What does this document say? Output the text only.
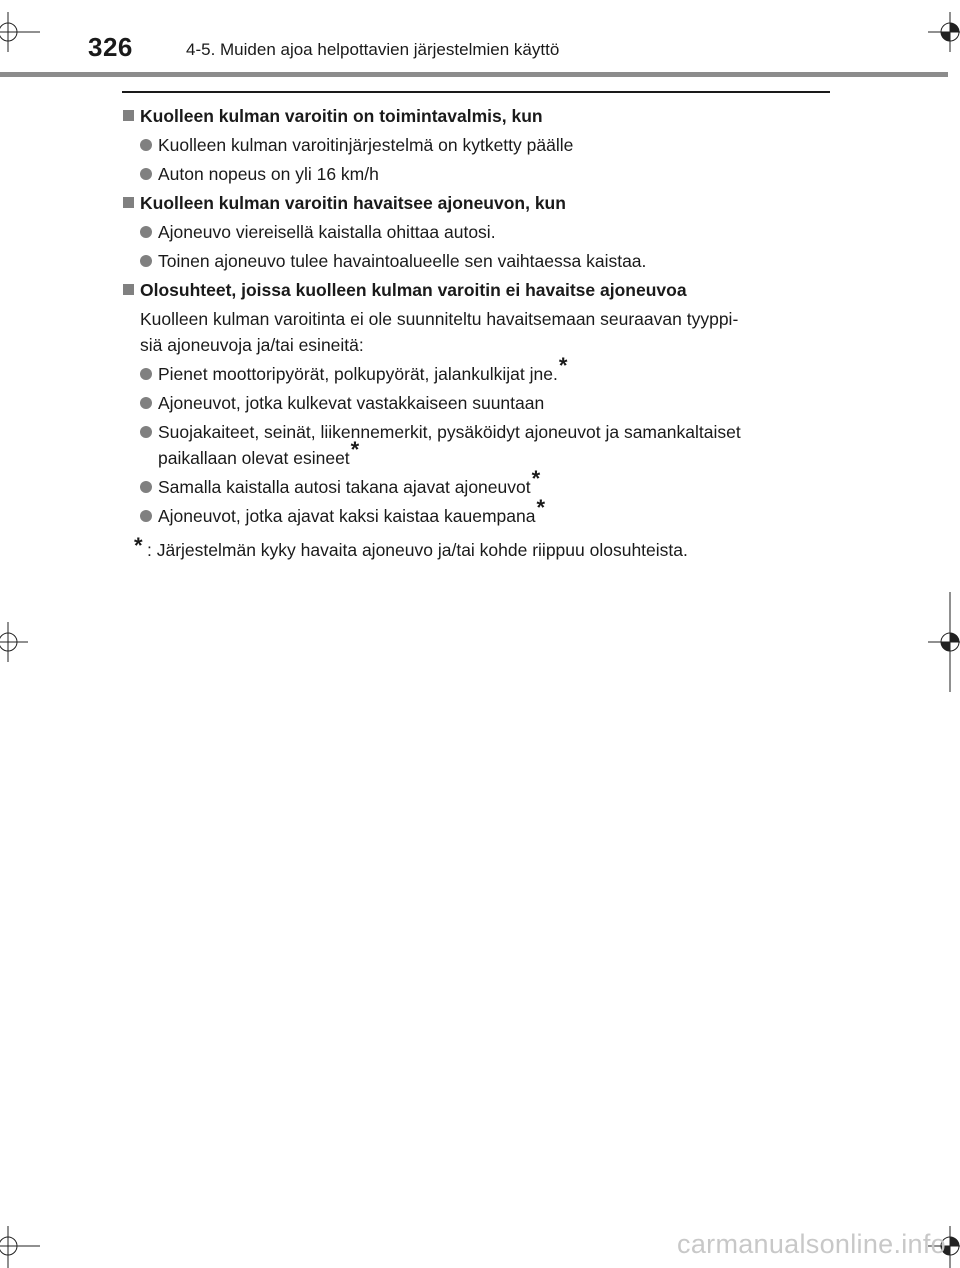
326	4-5. Muiden ajoa helpottavien järjestelmien käyttö
Kuolleen kulman varoitin on toimintavalmis, kun
Kuolleen kulman varoitinjärjestelmä on kytketty päälle
Auton nopeus on yli 16 km/h
Kuolleen kulman varoitin havaitsee ajoneuvon, kun
Ajoneuvo viereisellä kaistalla ohittaa autosi.
Toinen ajoneuvo tulee havaintoalueelle sen vaihtaessa kaistaa.
Olosuhteet, joissa kuolleen kulman varoitin ei havaitse ajoneuvoa
Kuolleen kulman varoitinta ei ole suunniteltu havaitsemaan seuraavan tyyppi-
siä ajoneuvoja ja/tai esineitä:
Pienet moottoripyörät, polkupyörät, jalankulkijat jne.*
Ajoneuvot, jotka kulkevat vastakkaiseen suuntaan
Suojakaiteet, seinät, liikennemerkit, pysäköidyt ajoneuvot ja samankaltaiset
paikallaan olevat esineet*
Samalla kaistalla autosi takana ajavat ajoneuvot*
Ajoneuvot, jotka ajavat kaksi kaistaa kauempana*
* : Järjestelmän kyky havaita ajoneuvo ja/tai kohde riippuu olosuhteista.
carmanualsonline.info
